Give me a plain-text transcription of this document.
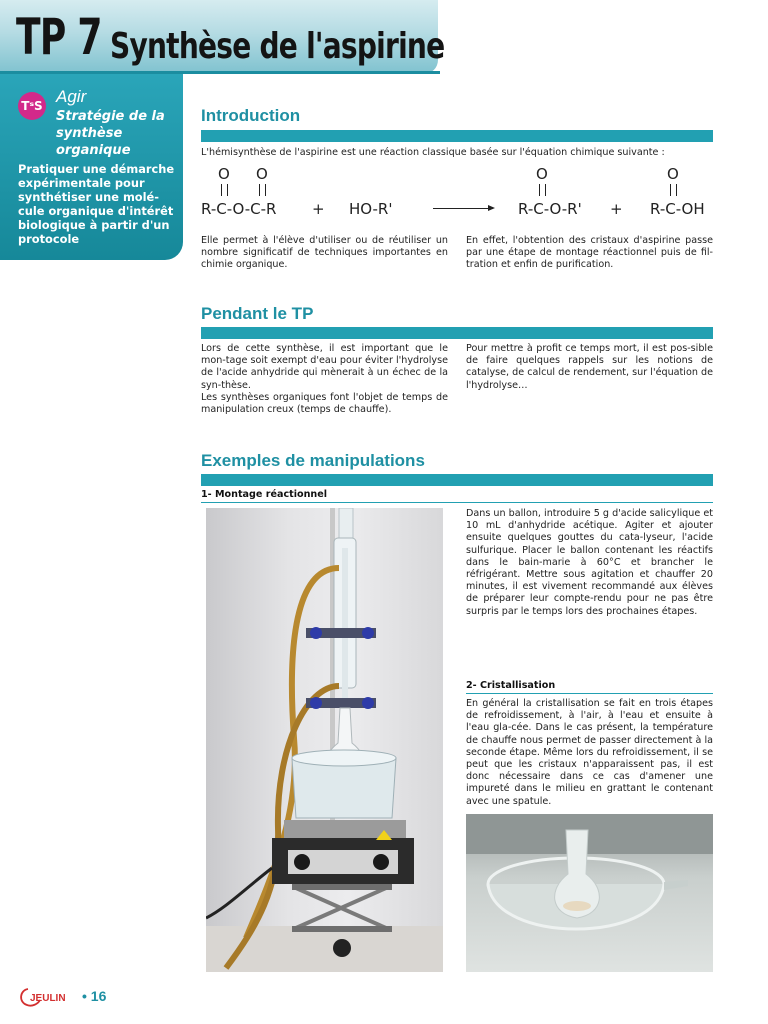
TP 7 Synthèse de l'aspirine
TˢS Agir
Stratégie de la synthèse organique
Pratiquer une démarche expérimentale pour synthétiser une molé-cule organique d'intérêt biologique à partir d'un protocole
Introduction
L'hémisynthèse de l'aspirine est une réaction classique basée sur l'équation chimique suivante :
O O
R-C-O-C-R + HO-R'
O
R-C-O-R' +
O
R-C-OH
Elle permet à l'élève d'utiliser ou de réutiliser un nombre significatif de techniques importantes en chimie organique.
En effet, l'obtention des cristaux d'aspirine passe par une étape de montage réactionnel puis de fil-tration et enfin de purification.
Pendant le TP
Lors de cette synthèse, il est important que le mon-tage soit exempt d'eau pour éviter l'hydrolyse de l'acide anhydride qui mènerait à un échec de la syn-thèse.
Les synthèses organiques font l'objet de temps de manipulation creux (temps de chauffe).
Pour mettre à profit ce temps mort, il est pos-sible de faire quelques rappels sur les notions de catalyse, de calcul de rendement, sur l'équation de l'hydrolyse…
Exemples de manipulations
1- Montage réactionnel
Dans un ballon, introduire 5 g d'acide salicylique et 10 mL d'anhydride acétique. Agiter et ajouter ensuite quelques gouttes du cata-lyseur, l'acide sulfurique. Placer le ballon contenant les réactifs dans le bain-marie à 60°C et brancher le réfrigérant. Mettre sous agitation et chauffer 20 minutes, il est vivement recommandé aux élèves de préparer leur compte-rendu pour ne pas être surpris par le temps lors des prochaines étapes.
2- Cristallisation
En général la cristallisation se fait en trois étapes de refroidissement, à l'air, à l'eau et ensuite à l'eau gla-cée. Dans le cas présent, la température de chauffe nous permet de passer directement à la seconde étape. Même lors du refroidissement, il se peut que les cristaux n'apparaissent pas, il est donc nécessaire dans ce cas d'amener une impureté dans le milieu en grattant le contenant avec une spatule.
JEULIN • 16
